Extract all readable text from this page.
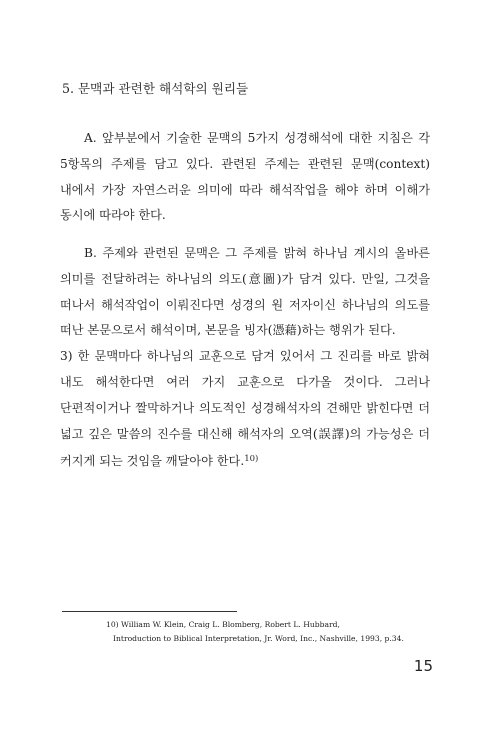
5. 문맥과 관련한 해석학의 원리들

A. 앞부분에서 기술한 문맥의 5가지 성경해석에 대한 지침은 각 5항목의 주제를 담고 있다. 관련된 주제는 관련된 문맥(context) 내에서 가장 자연스러운 의미에 따라 해석작업을 해야 하며 이해가 동시에 따라야 한다.

B. 주제와 관련된 문맥은 그 주제를 밝혀 하나님 계시의 올바른 의미를 전달하려는 하나님의 의도(意圖)가 담겨 있다. 만일, 그것을 떠나서 해석작업이 이뤄진다면 성경의 원 저자이신 하나님의 의도를 떠난 본문으로서 해석이며, 본문을 빙자(憑藉)하는 행위가 된다.

3) 한 문맥마다 하나님의 교훈으로 담겨 있어서 그 진리를 바로 밝혀 내도 해석한다면 여러 가지 교훈으로 다가올 것이다. 그러나 단편적이거나 짤막하거나 의도적인 성경해석자의 견해만 밝힌다면 더 넓고 깊은 말씀의 진수를 대신해 해석자의 오역(誤譯)의 가능성은 더 커지게 되는 것임을 깨달아야 한다.$^{10)}$

10) William W. Klein, Craig L. Blomberg, Robert L. Hubbard,
Introduction to Biblical Interpretation, Jr. Word, Inc., Nashville, 1993, p.34.
15
